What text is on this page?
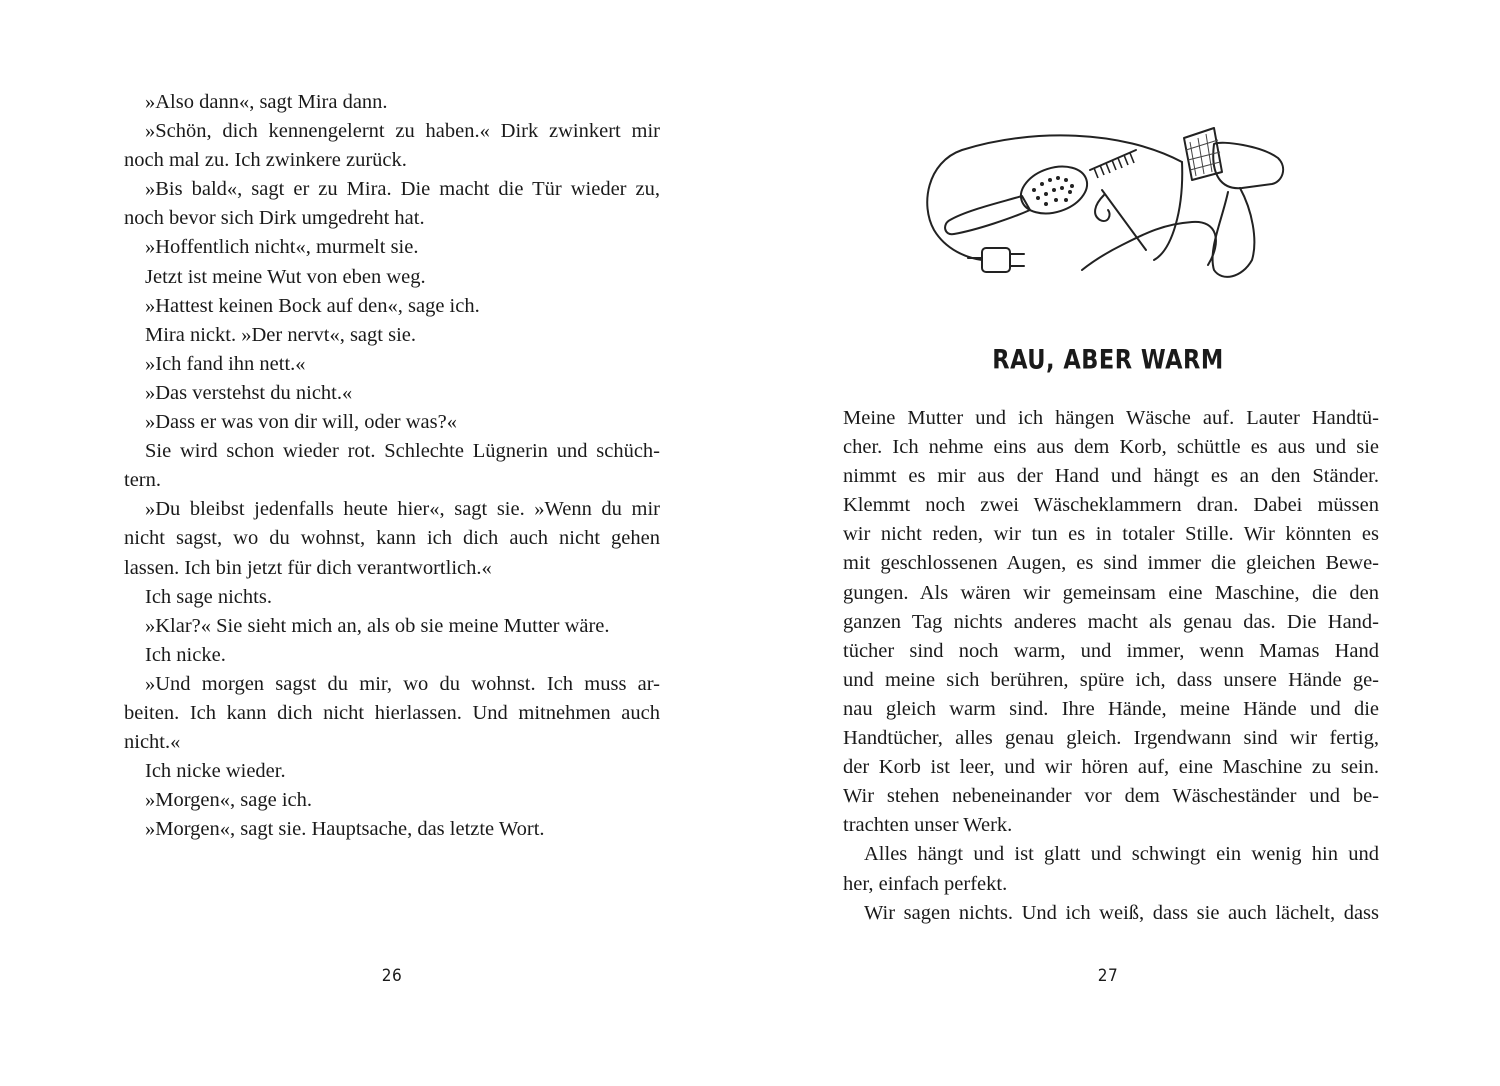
»Also dann«, sagt Mira dann.
»Schön, dich kennengelernt zu haben.« Dirk zwinkert mir
noch mal zu. Ich zwinkere zurück.
»Bis bald«, sagt er zu Mira. Die macht die Tür wieder zu,
noch bevor sich Dirk umgedreht hat.
»Hoffentlich nicht«, murmelt sie.
Jetzt ist meine Wut von eben weg.
»Hattest keinen Bock auf den«, sage ich.
Mira nickt. »Der nervt«, sagt sie.
»Ich fand ihn nett.«
»Das verstehst du nicht.«
»Dass er was von dir will, oder was?«
Sie wird schon wieder rot. Schlechte Lügnerin und schüch-
tern.
»Du bleibst jedenfalls heute hier«, sagt sie. »Wenn du mir
nicht sagst, wo du wohnst, kann ich dich auch nicht gehen
lassen. Ich bin jetzt für dich verantwortlich.«
Ich sage nichts.
»Klar?« Sie sieht mich an, als ob sie meine Mutter wäre.
Ich nicke.
»Und morgen sagst du mir, wo du wohnst. Ich muss ar-
beiten. Ich kann dich nicht hierlassen. Und mitnehmen auch
nicht.«
Ich nicke wieder.
»Morgen«, sage ich.
»Morgen«, sagt sie. Hauptsache, das letzte Wort.
26
RAU, ABER WARM
Meine Mutter und ich hängen Wäsche auf. Lauter Handtü-
cher. Ich nehme eins aus dem Korb, schüttle es aus und sie
nimmt es mir aus der Hand und hängt es an den Ständer.
Klemmt noch zwei Wäscheklammern dran. Dabei müssen
wir nicht reden, wir tun es in totaler Stille. Wir könnten es
mit geschlossenen Augen, es sind immer die gleichen Bewe-
gungen. Als wären wir gemeinsam eine Maschine, die den
ganzen Tag nichts anderes macht als genau das. Die Hand-
tücher sind noch warm, und immer, wenn Mamas Hand
und meine sich berühren, spüre ich, dass unsere Hände ge-
nau gleich warm sind. Ihre Hände, meine Hände und die
Handtücher, alles genau gleich. Irgendwann sind wir fertig,
der Korb ist leer, und wir hören auf, eine Maschine zu sein.
Wir stehen nebeneinander vor dem Wäscheständer und be-
trachten unser Werk.
Alles hängt und ist glatt und schwingt ein wenig hin und
her, einfach perfekt.
Wir sagen nichts. Und ich weiß, dass sie auch lächelt, dass
27
